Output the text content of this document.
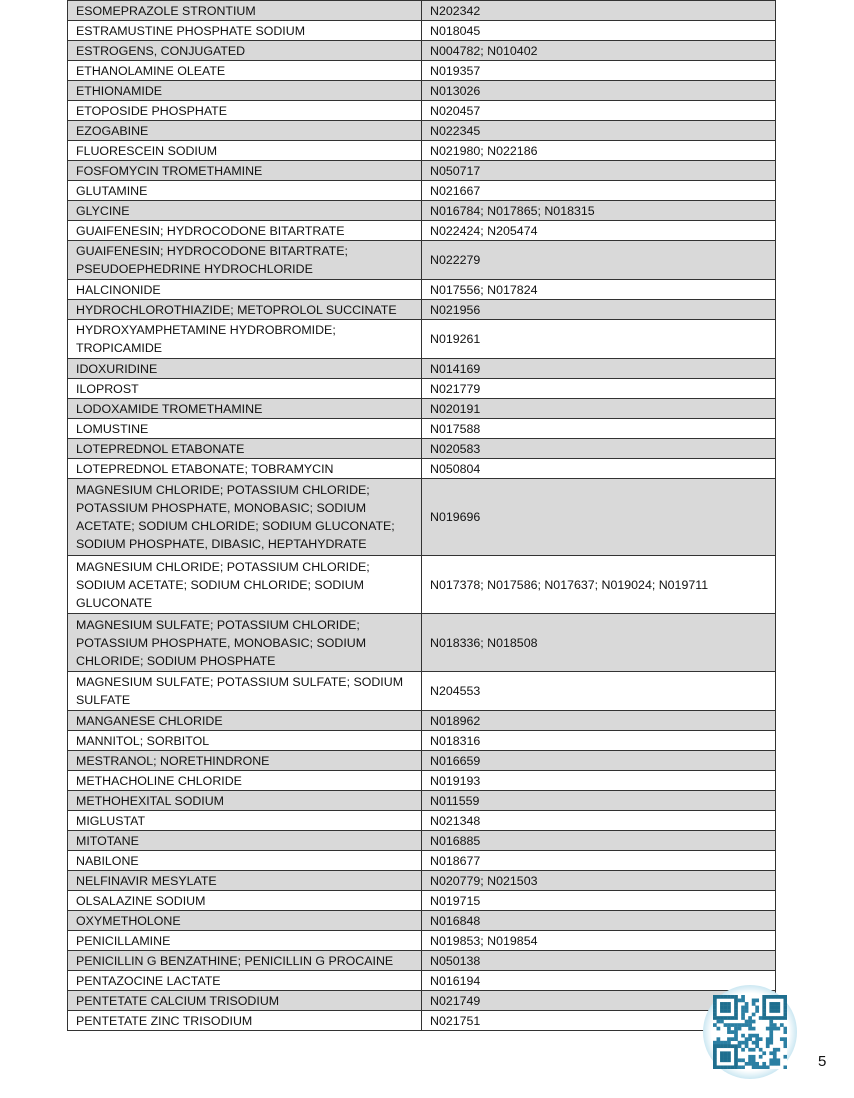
ESOMEPRAZOLE STRONTIUM	N202342
ESTRAMUSTINE PHOSPHATE SODIUM	N018045
ESTROGENS, CONJUGATED	N004782; N010402
ETHANOLAMINE OLEATE	N019357
ETHIONAMIDE	N013026
ETOPOSIDE PHOSPHATE	N020457
EZOGABINE	N022345
FLUORESCEIN SODIUM	N021980; N022186
FOSFOMYCIN TROMETHAMINE	N050717
GLUTAMINE	N021667
GLYCINE	N016784; N017865; N018315
GUAIFENESIN; HYDROCODONE BITARTRATE	N022424; N205474
GUAIFENESIN; HYDROCODONE BITARTRATE; PSEUDOEPHEDRINE HYDROCHLORIDE	N022279
HALCINONIDE	N017556; N017824
HYDROCHLOROTHIAZIDE; METOPROLOL SUCCINATE	N021956
HYDROXYAMPHETAMINE HYDROBROMIDE; TROPICAMIDE	N019261
IDOXURIDINE	N014169
ILOPROST	N021779
LODOXAMIDE TROMETHAMINE	N020191
LOMUSTINE	N017588
LOTEPREDNOL ETABONATE	N020583
LOTEPREDNOL ETABONATE; TOBRAMYCIN	N050804
MAGNESIUM CHLORIDE; POTASSIUM CHLORIDE; POTASSIUM PHOSPHATE, MONOBASIC; SODIUM ACETATE; SODIUM CHLORIDE; SODIUM GLUCONATE; SODIUM PHOSPHATE, DIBASIC, HEPTAHYDRATE	N019696
MAGNESIUM CHLORIDE; POTASSIUM CHLORIDE; SODIUM ACETATE; SODIUM CHLORIDE; SODIUM GLUCONATE	N017378; N017586; N017637; N019024; N019711
MAGNESIUM SULFATE; POTASSIUM CHLORIDE; POTASSIUM PHOSPHATE, MONOBASIC; SODIUM CHLORIDE; SODIUM PHOSPHATE	N018336; N018508
MAGNESIUM SULFATE; POTASSIUM SULFATE; SODIUM SULFATE	N204553
MANGANESE CHLORIDE	N018962
MANNITOL; SORBITOL	N018316
MESTRANOL; NORETHINDRONE	N016659
METHACHOLINE CHLORIDE	N019193
METHOHEXITAL SODIUM	N011559
MIGLUSTAT	N021348
MITOTANE	N016885
NABILONE	N018677
NELFINAVIR MESYLATE	N020779; N021503
OLSALAZINE SODIUM	N019715
OXYMETHOLONE	N016848
PENICILLAMINE	N019853; N019854
PENICILLIN G BENZATHINE; PENICILLIN G PROCAINE	N050138
PENTAZOCINE LACTATE	N016194
PENTETATE CALCIUM TRISODIUM	N021749
PENTETATE ZINC TRISODIUM	N021751
5
